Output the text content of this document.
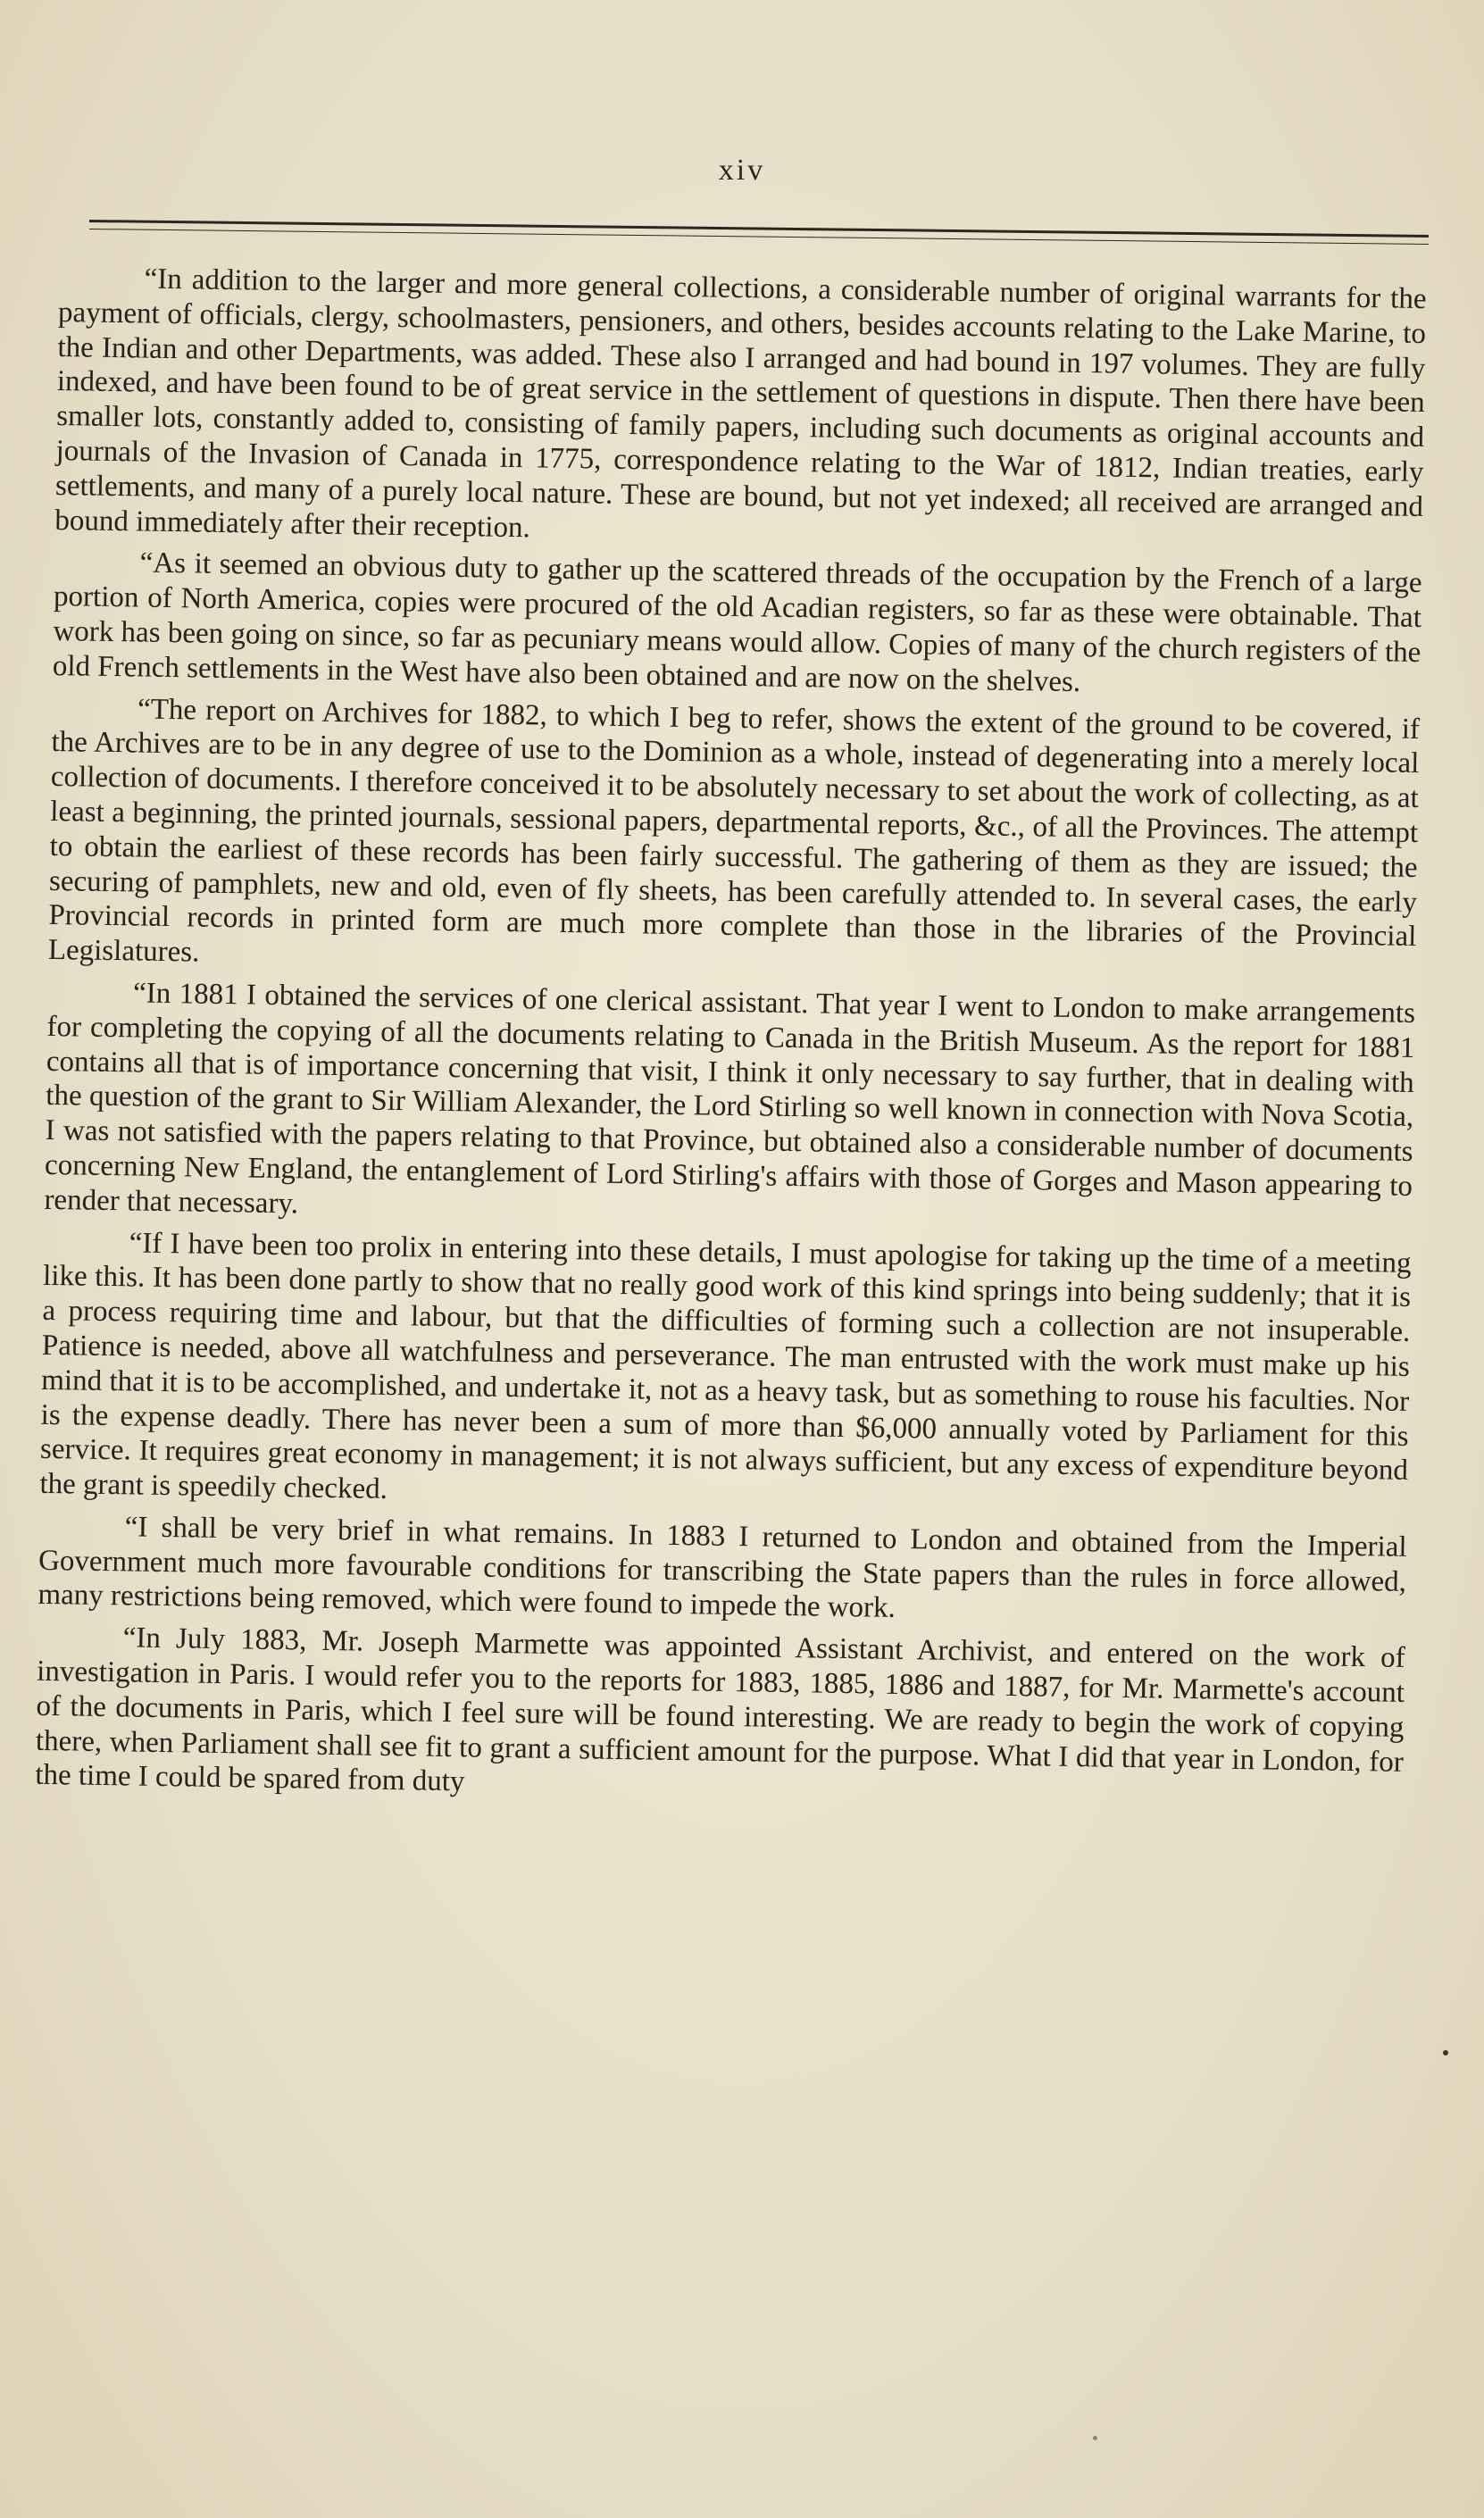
xiv

“In addition to the larger and more general collections, a considerable number of original warrants for the payment of officials, clergy, schoolmasters, pensioners, and others, besides accounts relating to the Lake Marine, to the Indian and other Departments, was added. These also I arranged and had bound in 197 volumes. They are fully indexed, and have been found to be of great service in the settlement of questions in dispute. Then there have been smaller lots, constantly added to, consisting of family papers, including such documents as original accounts and journals of the Invasion of Canada in 1775, correspondence relating to the War of 1812, Indian treaties, early settlements, and many of a purely local nature. These are bound, but not yet indexed; all received are arranged and bound immediately after their reception.

“As it seemed an obvious duty to gather up the scattered threads of the occupation by the French of a large portion of North America, copies were procured of the old Acadian registers, so far as these were obtainable. That work has been going on since, so far as pecuniary means would allow. Copies of many of the church registers of the old French settlements in the West have also been obtained and are now on the shelves.

“The report on Archives for 1882, to which I beg to refer, shows the extent of the ground to be covered, if the Archives are to be in any degree of use to the Dominion as a whole, instead of degenerating into a merely local collection of documents. I therefore conceived it to be absolutely necessary to set about the work of collecting, as at least a beginning, the printed journals, sessional papers, departmental reports, &c., of all the Provinces. The attempt to obtain the earliest of these records has been fairly successful. The gathering of them as they are issued; the securing of pamphlets, new and old, even of fly sheets, has been carefully attended to. In several cases, the early Provincial records in printed form are much more complete than those in the libraries of the Provincial Legislatures.

“In 1881 I obtained the services of one clerical assistant. That year I went to London to make arrangements for completing the copying of all the documents relating to Canada in the British Museum. As the report for 1881 contains all that is of importance concerning that visit, I think it only necessary to say further, that in dealing with the question of the grant to Sir William Alexander, the Lord Stirling so well known in connection with Nova Scotia, I was not satisfied with the papers relating to that Province, but obtained also a considerable number of documents concerning New England, the entanglement of Lord Stirling's affairs with those of Gorges and Mason appearing to render that necessary.

“If I have been too prolix in entering into these details, I must apologise for taking up the time of a meeting like this. It has been done partly to show that no really good work of this kind springs into being suddenly; that it is a process requiring time and labour, but that the difficulties of forming such a collection are not insuperable. Patience is needed, above all watchfulness and perseverance. The man entrusted with the work must make up his mind that it is to be accomplished, and undertake it, not as a heavy task, but as something to rouse his faculties. Nor is the expense deadly. There has never been a sum of more than $6,000 annually voted by Parliament for this service. It requires great economy in management; it is not always sufficient, but any excess of expenditure beyond the grant is speedily checked.

“I shall be very brief in what remains. In 1883 I returned to London and obtained from the Imperial Government much more favourable conditions for transcribing the State papers than the rules in force allowed, many restrictions being removed, which were found to impede the work.

“In July 1883, Mr. Joseph Marmette was appointed Assistant Archivist, and entered on the work of investigation in Paris. I would refer you to the reports for 1883, 1885, 1886 and 1887, for Mr. Marmette's account of the documents in Paris, which I feel sure will be found interesting. We are ready to begin the work of copying there, when Parliament shall see fit to grant a sufficient amount for the purpose. What I did that year in London, for the time I could be spared from duty
